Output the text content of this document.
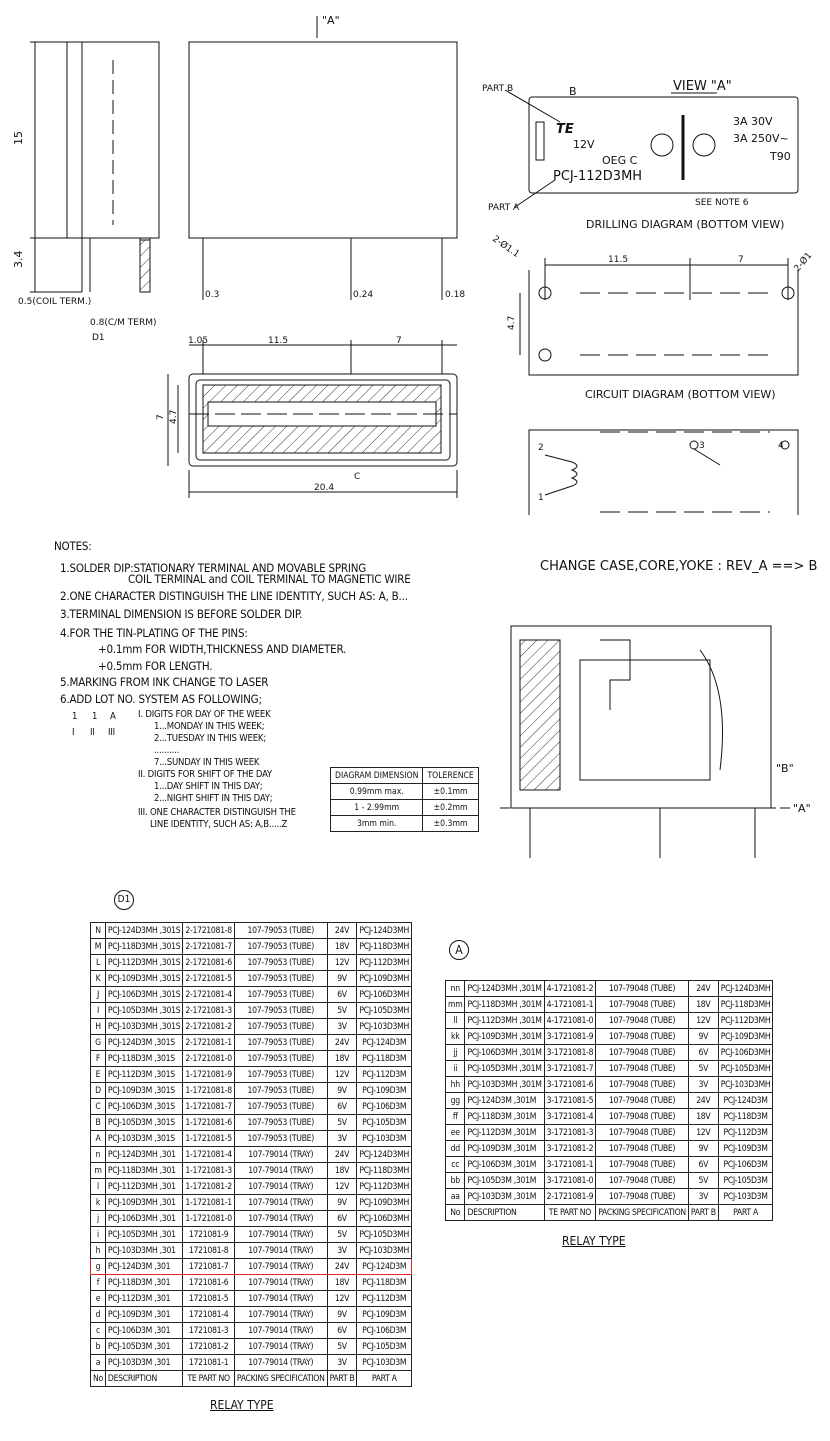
"A"
15
3.4
0.5(COIL TERM.)
0.8(C/M TERM)
D1
0.3	0.24	0.18
1.05	11.5	7
4.7
7
20.4
C
PART B
PART A
VIEW "A"
B
TE
12V
OEG C
PCJ-112D3MH
3A 30V
3A 250V~
T90
SEE NOTE 6
DRILLING DIAGRAM (BOTTOM VIEW)
2-Ø1.1
2-Ø1
11.5	7
4.7
CIRCUIT DIAGRAM (BOTTOM VIEW)
1
2	3	4
CHANGE CASE,CORE,YOKE : REV_A ==> B
"B"
"A"
NOTES:
1.SOLDER DIP:STATIONARY TERMINAL AND MOVABLE SPRING
COIL TERMINAL and COIL TERMINAL TO MAGNETIC WIRE
2.ONE CHARACTER DISTINGUISH THE LINE IDENTITY, SUCH AS: A, B...
3.TERMINAL DIMENSION IS BEFORE SOLDER DIP.
4.FOR THE TIN-PLATING OF THE PINS:
+0.1mm FOR WIDTH,THICKNESS AND DIAMETER.
+0.5mm FOR LENGTH.
5.MARKING FROM INK CHANGE TO LASER
6.ADD LOT NO. SYSTEM AS FOLLOWING;

1

1

A

I

II

III

I. DIGITS FOR DAY OF THE WEEK

1...MONDAY IN THIS WEEK;

2...TUESDAY IN THIS WEEK;

..........

7...SUNDAY IN THIS WEEK

II. DIGITS FOR SHIFT OF THE DAY

1...DAY SHIFT IN THIS DAY;

2...NIGHT SHIFT IN THIS DAY;

III. ONE CHARACTER DISTINGUISH THE

LINE IDENTITY, SUCH AS: A,B.....Z

DIAGRAM DIMENSION	TOLERENCE
0.99mm max.	±0.1mm
1 - 2.99mm	±0.2mm
3mm min.	±0.3mm
D1
N	PCJ-124D3MH ,301S	2-1721081-8	107-79053 (TUBE)	24V	PCJ-124D3MH
M	PCJ-118D3MH ,301S	2-1721081-7	107-79053 (TUBE)	18V	PCJ-118D3MH
L	PCJ-112D3MH ,301S	2-1721081-6	107-79053 (TUBE)	12V	PCJ-112D3MH
K	PCJ-109D3MH ,301S	2-1721081-5	107-79053 (TUBE)	9V	PCJ-109D3MH
J	PCJ-106D3MH ,301S	2-1721081-4	107-79053 (TUBE)	6V	PCJ-106D3MH
I	PCJ-105D3MH ,301S	2-1721081-3	107-79053 (TUBE)	5V	PCJ-105D3MH
H	PCJ-103D3MH ,301S	2-1721081-2	107-79053 (TUBE)	3V	PCJ-103D3MH
G	PCJ-124D3M ,301S	2-1721081-1	107-79053 (TUBE)	24V	PCJ-124D3M
F	PCJ-118D3M ,301S	2-1721081-0	107-79053 (TUBE)	18V	PCJ-118D3M
E	PCJ-112D3M ,301S	1-1721081-9	107-79053 (TUBE)	12V	PCJ-112D3M
D	PCJ-109D3M ,301S	1-1721081-8	107-79053 (TUBE)	9V	PCJ-109D3M
C	PCJ-106D3M ,301S	1-1721081-7	107-79053 (TUBE)	6V	PCJ-106D3M
B	PCJ-105D3M ,301S	1-1721081-6	107-79053 (TUBE)	5V	PCJ-105D3M
A	PCJ-103D3M ,301S	1-1721081-5	107-79053 (TUBE)	3V	PCJ-103D3M
n	PCJ-124D3MH ,301	1-1721081-4	107-79014 (TRAY)	24V	PCJ-124D3MH
m	PCJ-118D3MH ,301	1-1721081-3	107-79014 (TRAY)	18V	PCJ-118D3MH
l	PCJ-112D3MH ,301	1-1721081-2	107-79014 (TRAY)	12V	PCJ-112D3MH
k	PCJ-109D3MH ,301	1-1721081-1	107-79014 (TRAY)	9V	PCJ-109D3MH
j	PCJ-106D3MH ,301	1-1721081-0	107-79014 (TRAY)	6V	PCJ-106D3MH
i	PCJ-105D3MH ,301	1721081-9	107-79014 (TRAY)	5V	PCJ-105D3MH
h	PCJ-103D3MH ,301	1721081-8	107-79014 (TRAY)	3V	PCJ-103D3MH
g	PCJ-124D3M ,301	1721081-7	107-79014 (TRAY)	24V	PCJ-124D3M
f	PCJ-118D3M ,301	1721081-6	107-79014 (TRAY)	18V	PCJ-118D3M
e	PCJ-112D3M ,301	1721081-5	107-79014 (TRAY)	12V	PCJ-112D3M
d	PCJ-109D3M ,301	1721081-4	107-79014 (TRAY)	9V	PCJ-109D3M
c	PCJ-106D3M ,301	1721081-3	107-79014 (TRAY)	6V	PCJ-106D3M
b	PCJ-105D3M ,301	1721081-2	107-79014 (TRAY)	5V	PCJ-105D3M
a	PCJ-103D3M ,301	1721081-1	107-79014 (TRAY)	3V	PCJ-103D3M
No	DESCRIPTION	TE PART NO	PACKING SPECIFICATION	PART B	PART A
RELAY TYPE
A
nn	PCJ-124D3MH ,301M	4-1721081-2	107-79048 (TUBE)	24V	PCJ-124D3MH
mm	PCJ-118D3MH ,301M	4-1721081-1	107-79048 (TUBE)	18V	PCJ-118D3MH
ll	PCJ-112D3MH ,301M	4-1721081-0	107-79048 (TUBE)	12V	PCJ-112D3MH
kk	PCJ-109D3MH ,301M	3-1721081-9	107-79048 (TUBE)	9V	PCJ-109D3MH
jj	PCJ-106D3MH ,301M	3-1721081-8	107-79048 (TUBE)	6V	PCJ-106D3MH
ii	PCJ-105D3MH ,301M	3-1721081-7	107-79048 (TUBE)	5V	PCJ-105D3MH
hh	PCJ-103D3MH ,301M	3-1721081-6	107-79048 (TUBE)	3V	PCJ-103D3MH
gg	PCJ-124D3M ,301M	3-1721081-5	107-79048 (TUBE)	24V	PCJ-124D3M
ff	PCJ-118D3M ,301M	3-1721081-4	107-79048 (TUBE)	18V	PCJ-118D3M
ee	PCJ-112D3M ,301M	3-1721081-3	107-79048 (TUBE)	12V	PCJ-112D3M
dd	PCJ-109D3M ,301M	3-1721081-2	107-79048 (TUBE)	9V	PCJ-109D3M
cc	PCJ-106D3M ,301M	3-1721081-1	107-79048 (TUBE)	6V	PCJ-106D3M
bb	PCJ-105D3M ,301M	3-1721081-0	107-79048 (TUBE)	5V	PCJ-105D3M
aa	PCJ-103D3M ,301M	2-1721081-9	107-79048 (TUBE)	3V	PCJ-103D3M
No	DESCRIPTION	TE PART NO	PACKING SPECIFICATION	PART B	PART A
RELAY TYPE
